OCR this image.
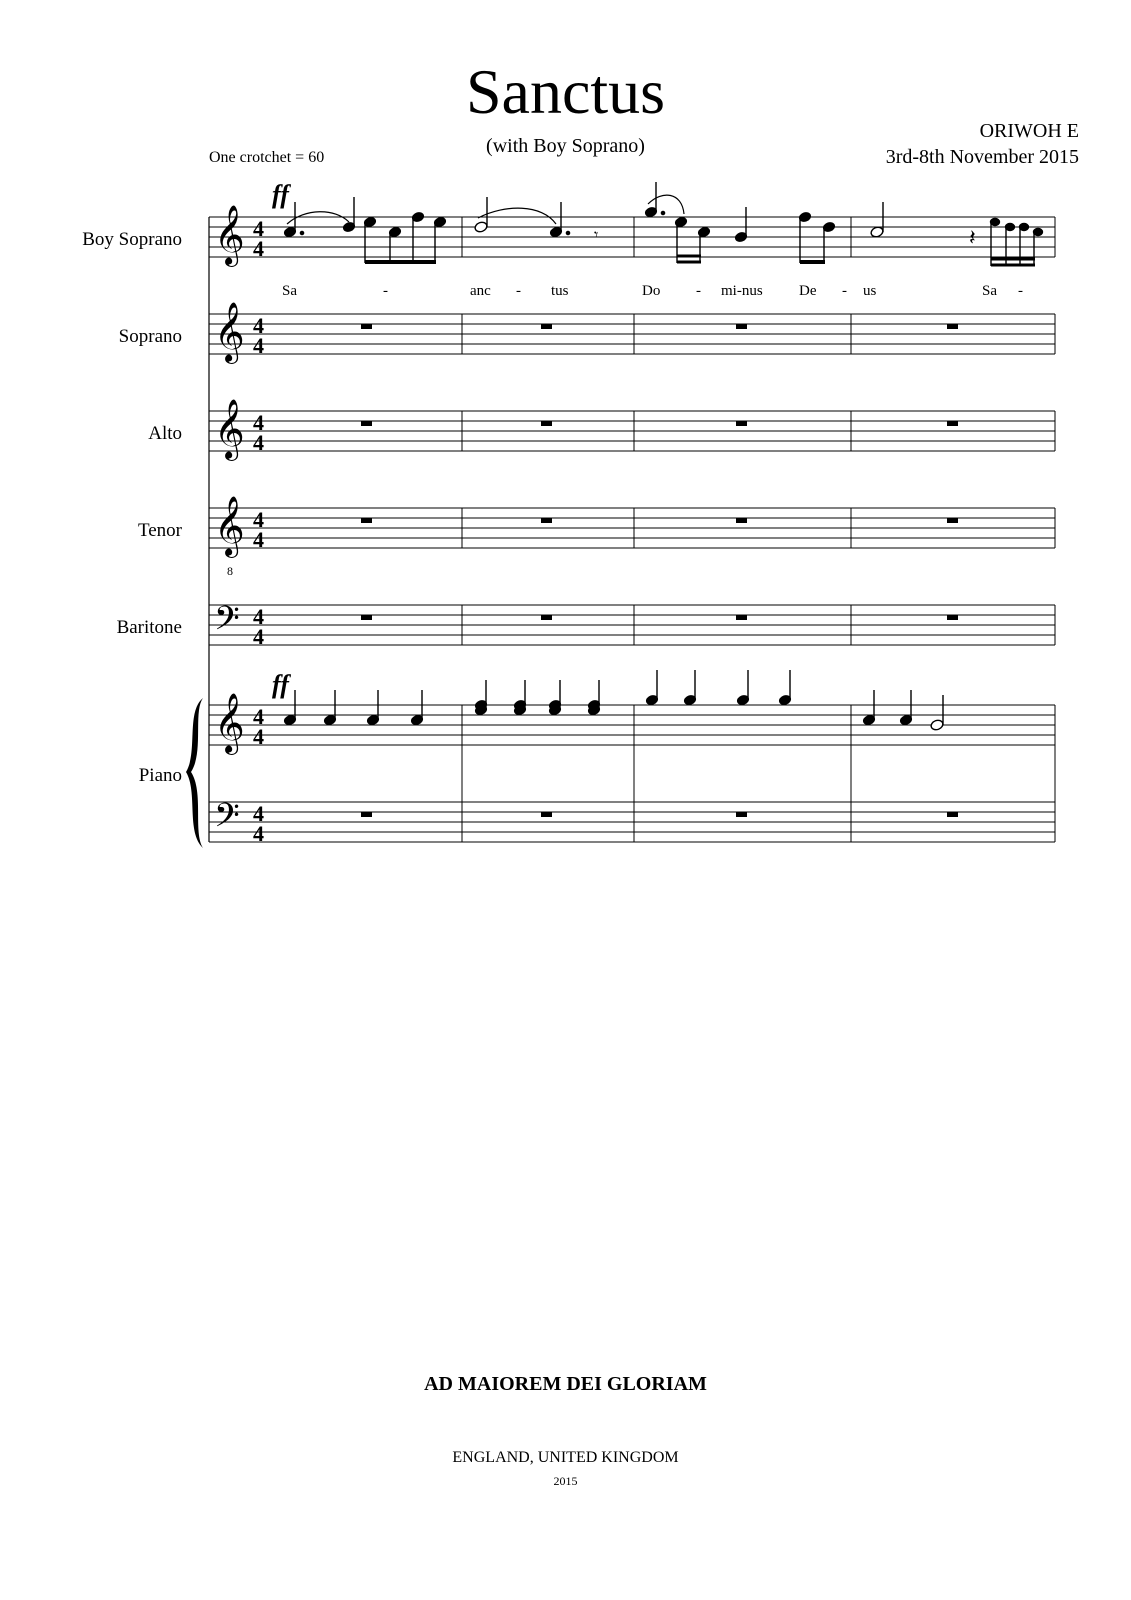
Sanctus
(with Boy Soprano)
ORIWOH E
3rd-8th November 2015
One crotchet = 60
Boy Soprano
Soprano
Alto
Tenor
Baritone
Piano
𝄞
𝄞
𝄞
𝄞
𝄢
𝄞
𝄢
8
4
4
4
4
4
4
4
4
4
4
4
4
4
4
𝄾	𝄽
ff
ff
Sa	-	anc - tus	Do - mi-nus De - us	Sa -
AD MAIOREM DEI GLORIAM
ENGLAND, UNITED KINGDOM
2015
